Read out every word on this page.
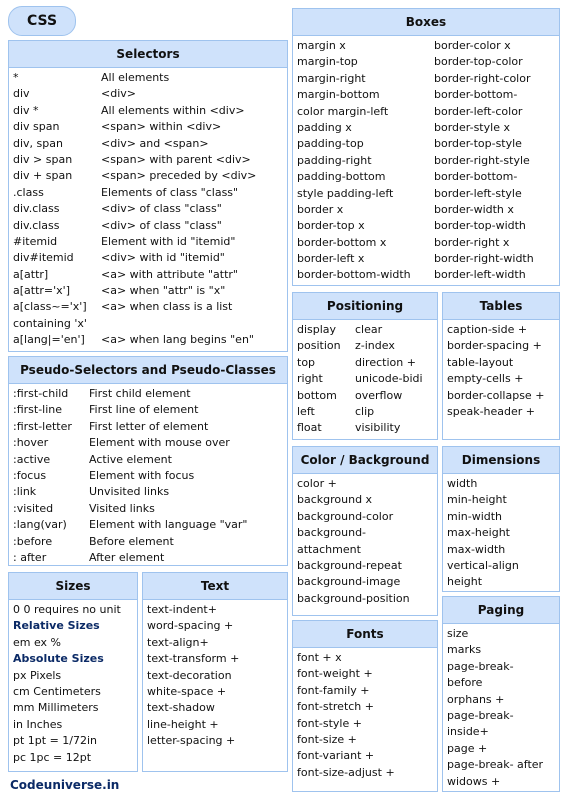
CSS
Selectors
*	All elements
div	<div>
div *	All elements within <div>
div span	<span> within <div>
div, span	<div> and <span>
div > span	<span> with parent <div>
div + span	<span> preceded by <div>
.class	Elements of class "class"
div.class	<div> of class "class"
div.class	<div> of class "class"
#itemid	Element with id "itemid"
div#itemid	<div> with id "itemid"
a[attr]	<a> with attribute "attr"
a[attr='x']	<a> when "attr" is "x"
a[class~='x']	<a> when class is a list
containing 'x'
a[lang|='en']	<a> when lang begins "en"
Pseudo-Selectors and Pseudo-Classes
:first-child	First child element
:first-line	First line of element
:first-letter	First letter of element
:hover	Element with mouse over
:active	Active element
:focus	Element with focus
:link	Unvisited links
:visited	Visited links
:lang(var)	Element with language "var"
:before	Before element
: after	After element
Sizes
0 0 requires no unit
Relative Sizes
em ex %
Absolute Sizes
px Pixels
cm Centimeters
mm Millimeters
in Inches
pt 1pt = 1/72in
pc 1pc = 12pt
Text
text-indent+
word-spacing +
text-align+
text-transform +
text-decoration
white-space +
text-shadow
line-height +
letter-spacing +
Boxes
margin x	border-color x
margin-top	border-top-color
margin-right	border-right-color
margin-bottom	border-bottom-
color margin-left	border-left-color
padding x	border-style x
padding-top	border-top-style
padding-right	border-right-style
padding-bottom	border-bottom-
style padding-left	border-left-style
border x	border-width x
border-top x	border-top-width
border-bottom x	border-right x
border-left x	border-right-width
border-bottom-width	border-left-width
Positioning
display	clear
position	z-index
top	direction +
right	unicode-bidi
bottom	overflow
left	clip
float	visibility
Tables
caption-side +
border-spacing +
table-layout
empty-cells +
border-collapse +
speak-header +
Color / Background
color +
background x
background-color
background-
attachment
background-repeat
background-image
background-position
Dimensions
width
min-height
min-width
max-height
max-width
vertical-align
height
Fonts
font + x
font-weight +
font-family +
font-stretch +
font-style +
font-size +
font-variant +
font-size-adjust +
Paging
size
marks
page-break-
before
orphans +
page-break-
inside+
page +
page-break- after
widows +
Codeuniverse.in
